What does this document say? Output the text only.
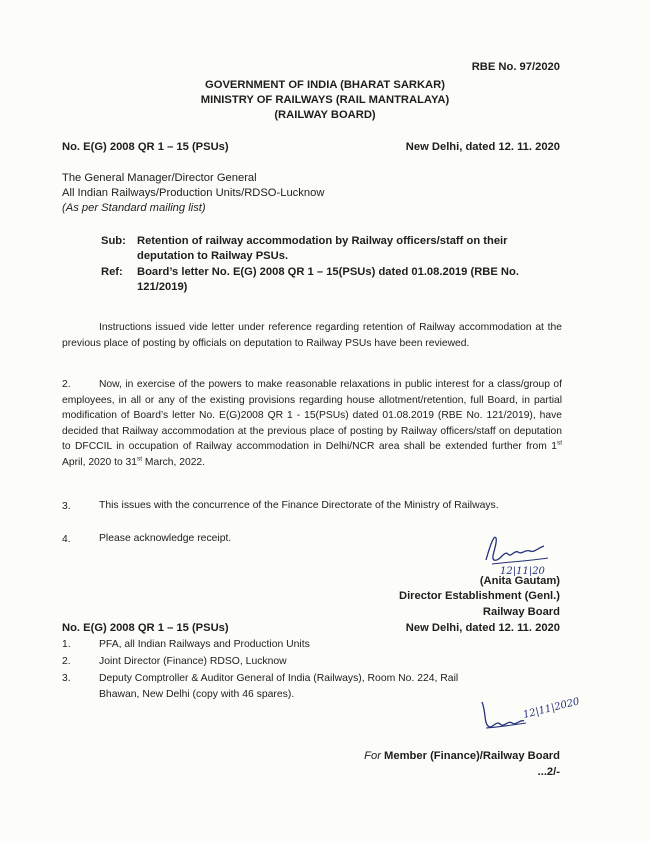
RBE No. 97/2020
GOVERNMENT OF INDIA (BHARAT SARKAR)
MINISTRY OF RAILWAYS (RAIL MANTRALAYA)
(RAILWAY BOARD)
No. E(G) 2008 QR 1 – 15 (PSUs)	New Delhi, dated 12. 11. 2020
The General Manager/Director General
All Indian Railways/Production Units/RDSO-Lucknow
(As per Standard mailing list)
Sub: Retention of railway accommodation by Railway officers/staff on their
deputation to Railway PSUs.
Ref: Board’s letter No. E(G) 2008 QR 1 – 15(PSUs) dated 01.08.2019 (RBE No.
121/2019)
Instructions issued vide letter under reference regarding retention of Railway accommodation at the previous place of posting by officials on deputation to Railway PSUs have been reviewed.
2.	Now, in exercise of the powers to make reasonable relaxations in public interest for a class/group of employees, in all or any of the existing provisions regarding house allotment/retention, full Board, in partial modification of Board’s letter No. E(G)2008 QR 1 - 15(PSUs) dated 01.08.2019 (RBE No. 121/2019), have decided that Railway accommodation at the previous place of posting by Railway officers/staff on deputation to DFCCIL in occupation of Railway accommodation in Delhi/NCR area shall be extended further from 1st April, 2020 to 31st March, 2022.
3.	This issues with the concurrence of the Finance Directorate of the Ministry of Railways.
4.	Please acknowledge receipt.
12|11|20
(Anita Gautam)
Director Establishment (Genl.)
Railway Board
No. E(G) 2008 QR 1 – 15 (PSUs)	New Delhi, dated 12. 11. 2020
1.	PFA, all Indian Railways and Production Units
2.	Joint Director (Finance) RDSO, Lucknow
3.	Deputy Comptroller & Auditor General of India (Railways), Room No. 224, Rail
Bhawan, New Delhi (copy with 46 spares).
12|11|2020
For Member (Finance)/Railway Board
...2/-
